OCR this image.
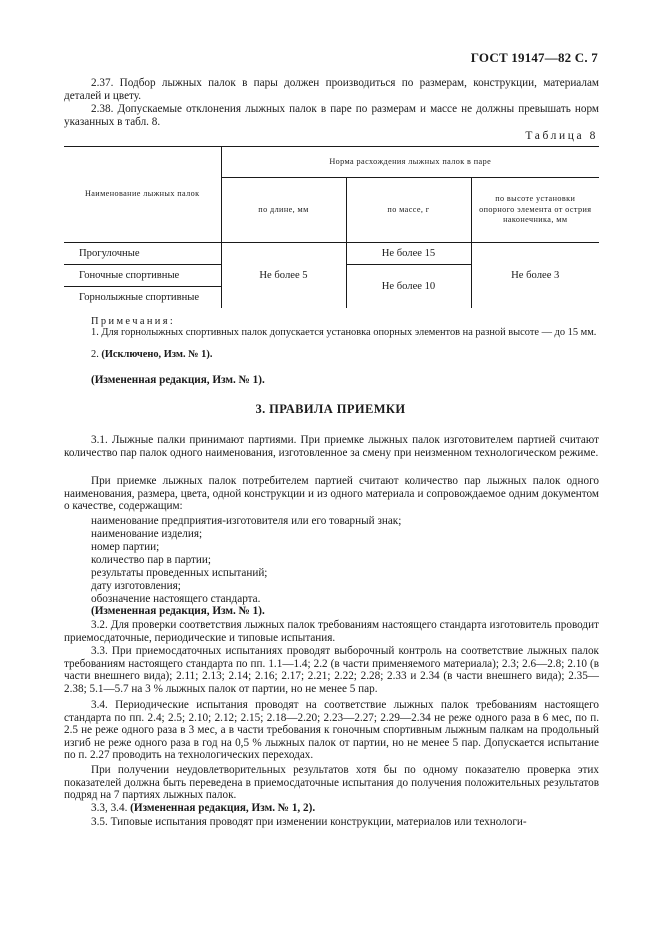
ГОСТ 19147—82 С. 7

2.37. Подбор лыжных палок в пары должен производиться по размерам, конструкции, материалам деталей и цвету.

2.38. Допускаемые отклонения лыжных палок в паре по размерам и массе не должны превышать норм указанных в табл. 8.

Таблица 8
Наименование лыжных палок	Норма расхождения лыжных палок в паре		
	по длине, мм	по массе, г	по высоте установки опорного элемента от острия наконечника, мм
Прогулочные	Не более 5	Не более 15	Не более 3
Гоночные спортивные		Не более 10	
Горнолыжные спортивные			

Примечания:

1. Для горнолыжных спортивных палок допускается установка опорных элементов на разной высоте — до 15 мм.

2. (Исключено, Изм. № 1).

(Измененная редакция, Изм. № 1).

3. ПРАВИЛА ПРИЕМКИ

3.1. Лыжные палки принимают партиями. При приемке лыжных палок изготовителем партией считают количество пар палок одного наименования, изготовленное за смену при неизменном технологическом режиме.

При приемке лыжных палок потребителем партией считают количество пар лыжных палок одного наименования, размера, цвета, одной конструкции и из одного материала и сопровождаемое одним документом о качестве, содержащим:

наименование предприятия-изготовителя или его товарный знак;

наименование изделия;

номер партии;

количество пар в партии;

результаты проведенных испытаний;

дату изготовления;

обозначение настоящего стандарта.

(Измененная редакция, Изм. № 1).

3.2. Для проверки соответствия лыжных палок требованиям настоящего стандарта изготовитель проводит приемосдаточные, периодические и типовые испытания.

3.3. При приемосдаточных испытаниях проводят выборочный контроль на соответствие лыжных палок требованиям настоящего стандарта по пп. 1.1—1.4; 2.2 (в части применяемого материала); 2.3; 2.6—2.8; 2.10 (в части внешнего вида); 2.11; 2.13; 2.14; 2.16; 2.17; 2.21; 2.22; 2.28; 2.33 и 2.34 (в части внешнего вида); 2.35—2.38; 5.1—5.7 на 3 % лыжных палок от партии, но не менее 5 пар.

3.4. Периодические испытания проводят на соответствие лыжных палок требованиям настоящего стандарта по пп. 2.4; 2.5; 2.10; 2.12; 2.15; 2.18—2.20; 2.23—2.27; 2.29—2.34 не реже одного раза в 6 мес, по п. 2.5 не реже одного раза в 3 мес, а в части требования к гоночным спортивным лыжным палкам на продольный изгиб не реже одного раза в год на 0,5 % лыжных палок от партии, но не менее 5 пар. Допускается испытание по п. 2.27 проводить на технологических переходах.

При получении неудовлетворительных результатов хотя бы по одному показателю проверка этих показателей должна быть переведена в приемосдаточные испытания до получения положительных результатов подряд на 7 партиях лыжных палок.

3.3, 3.4. (Измененная редакция, Изм. № 1, 2).

3.5. Типовые испытания проводят при изменении конструкции, материалов или технологи-
